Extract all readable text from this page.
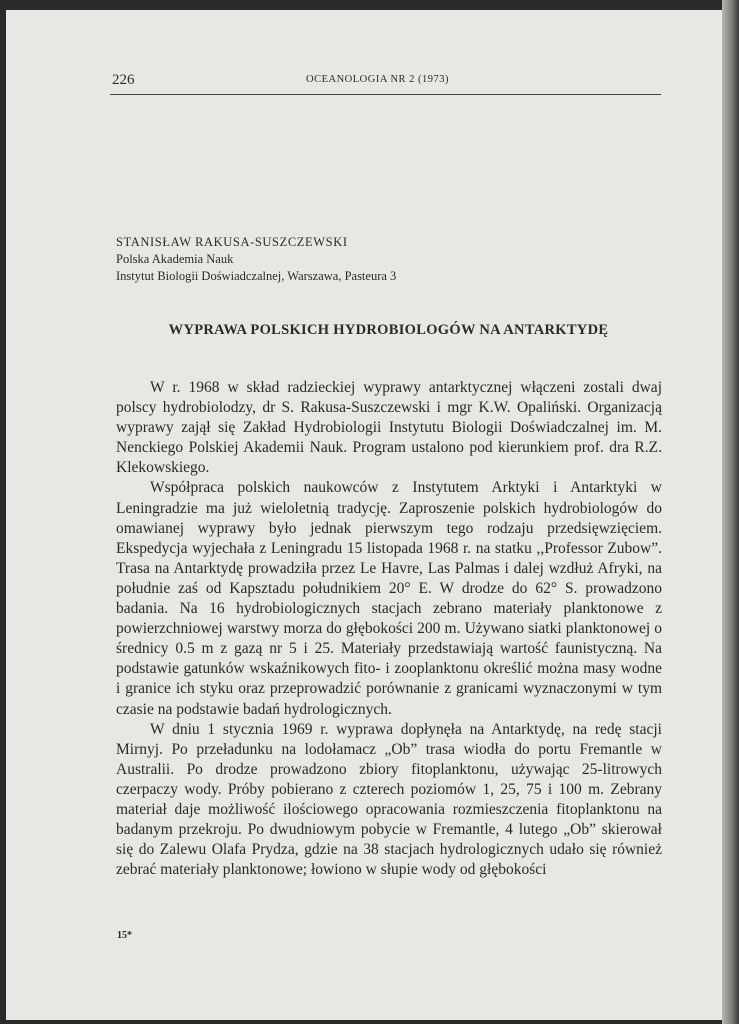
226	OCEANOLOGIA NR 2 (1973)
STANISŁAW RAKUSA-SUSZCZEWSKI
Polska Akademia Nauk
Instytut Biologii Doświadczalnej, Warszawa, Pasteura 3
WYPRAWA POLSKICH HYDROBIOLOGÓW NA ANTARKTYDĘ

W r. 1968 w skład radzieckiej wyprawy antarktycznej włączeni zostali dwaj polscy hydrobiolodzy, dr S. Rakusa-Suszczewski i mgr K.W. Opaliński. Organizacją wyprawy zajął się Zakład Hydrobiologii Instytutu Biologii Doświadczalnej im. M. Nenckiego Polskiej Akademii Nauk. Program ustalono pod kierunkiem prof. dra R.Z. Klekowskiego.

Współpraca polskich naukowców z Instytutem Arktyki i Antarktyki w Leningradzie ma już wieloletnią tradycję. Zaproszenie polskich hydrobiologów do omawianej wyprawy było jednak pierwszym tego rodzaju przedsięwzięciem. Ekspedycja wyjechała z Leningradu 15 listopada 1968 r. na statku ,,Professor Zubow”. Trasa na Antarktydę prowadziła przez Le Havre, Las Palmas i dalej wzdłuż Afryki, na południe zaś od Kapsztadu południkiem 20° E. W drodze do 62° S. prowadzono badania. Na 16 hydrobiologicznych stacjach zebrano materiały planktonowe z powierzchniowej warstwy morza do głębokości 200 m. Używano siatki planktonowej o średnicy 0.5 m z gazą nr 5 i 25. Materiały przedstawiają wartość faunistyczną. Na podstawie gatunków wskaźnikowych fito- i zooplanktonu określić można masy wodne i granice ich styku oraz przeprowadzić porównanie z granicami wyznaczonymi w tym czasie na podstawie badań hydrologicznych.

W dniu 1 stycznia 1969 r. wyprawa dopłynęła na Antarktydę, na redę stacji Mirnyj. Po przeładunku na lodołamacz „Ob” trasa wiodła do portu Fremantle w Australii. Po drodze prowadzono zbiory fitoplanktonu, używając 25-litrowych czerpaczy wody. Próby pobierano z czterech poziomów 1, 25, 75 i 100 m. Zebrany materiał daje możliwość ilościowego opracowania rozmieszczenia fitoplanktonu na badanym przekroju. Po dwudniowym pobycie w Fremantle, 4 lutego „Ob” skierował się do Zalewu Olafa Prydza, gdzie na 38 stacjach hydrologicznych udało się również zebrać materiały planktonowe; łowiono w słupie wody od głębokości

15*
